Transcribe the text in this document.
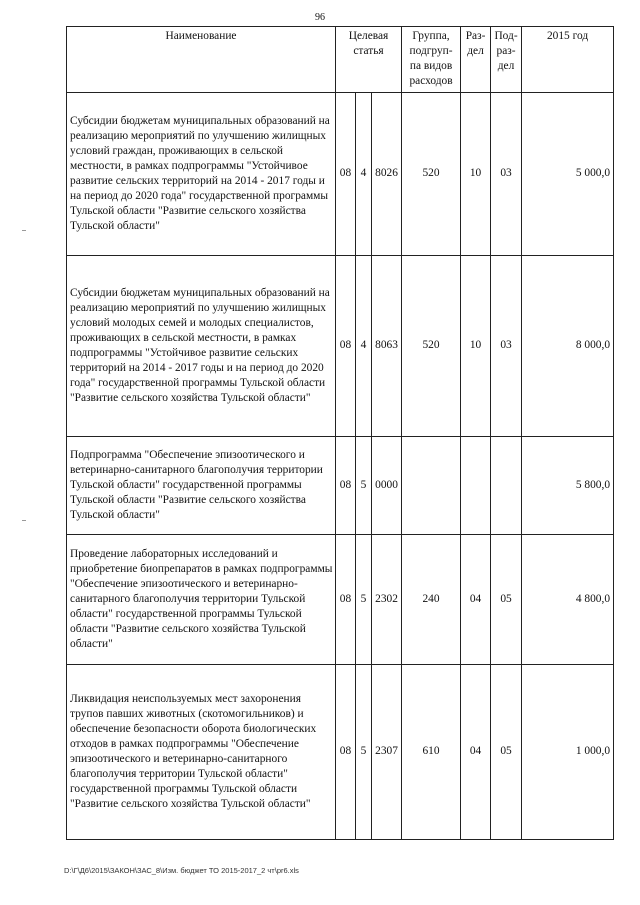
96
Наименование	Целевая статья			Группа, подгруп-па видов расходов	Раз-дел	Под-раз-дел	2015 год
Субсидии бюджетам муниципальных образований на реализацию мероприятий по улучшению жилищных условий граждан, проживающих в сельской местности, в рамках подпрограммы "Устойчивое развитие сельских территорий на 2014 - 2017 годы и на период до 2020 года" государственной программы Тульской области "Развитие сельского хозяйства Тульской области"	08	4	8026	520	10	03	5 000,0
Субсидии бюджетам муниципальных образований на реализацию мероприятий по улучшению жилищных условий молодых семей и молодых специалистов, проживающих в сельской местности, в рамках подпрограммы "Устойчивое развитие сельских территорий на 2014 - 2017 годы и на период до 2020 года" государственной программы Тульской области "Развитие сельского хозяйства Тульской области"	08	4	8063	520	10	03	8 000,0
Подпрограмма "Обеспечение эпизоотического и ветеринарно-санитарного благополучия территории Тульской области" государственной программы Тульской области "Развитие сельского хозяйства Тульской области"	08	5	0000				5 800,0
Проведение лабораторных исследований и приобретение биопрепаратов в рамках подпрограммы "Обеспечение эпизоотического и ветеринарно-санитарного благополучия территории Тульской области" государственной программы Тульской области "Развитие сельского хозяйства Тульской области"	08	5	2302	240	04	05	4 800,0
Ликвидация неиспользуемых мест захоронения трупов павших животных (скотомогильников) и обеспечение безопасности оборота биологических отходов в рамках подпрограммы "Обеспечение эпизоотического и ветеринарно-санитарного благополучия территории Тульской области" государственной программы Тульской области "Развитие сельского хозяйства Тульской области"	08	5	2307	610	04	05	1 000,0
D:\Г\Д6\2015\ЗАКОН\ЗАС_8\Изм. бюджет ТО 2015-2017_2 чт\pr6.xls
